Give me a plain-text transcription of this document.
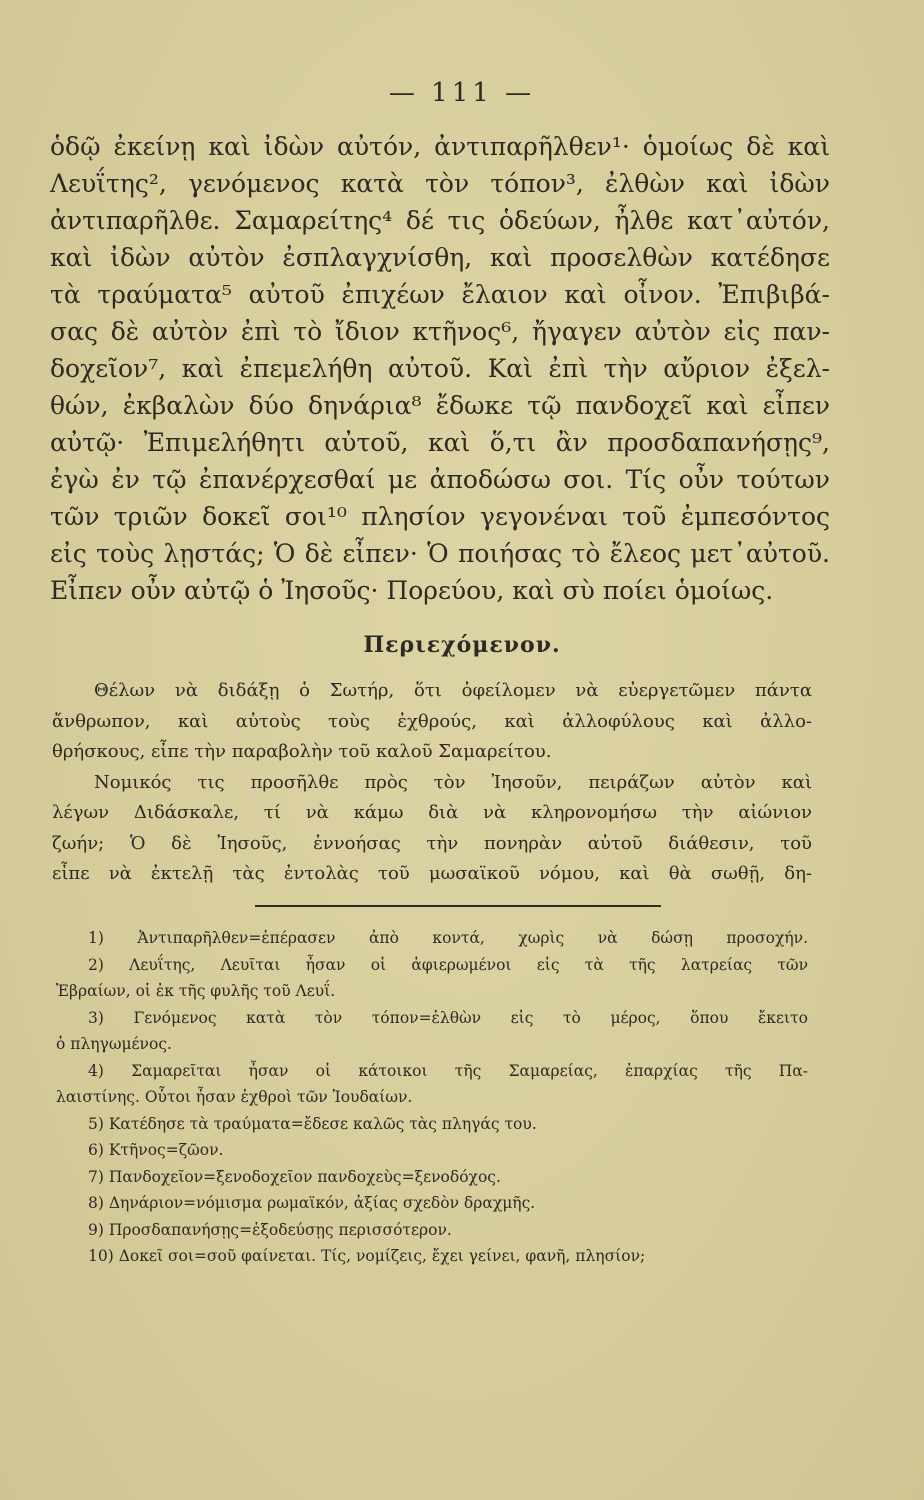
— 111 —
ὁδῷ ἐκείνῃ καὶ ἰδὼν αὐτόν, ἀντιπαρῆλθεν¹· ὁμοίως δὲ καὶ
Λευΐτης², γενόμενος κατὰ τὸν τόπον³, ἐλθὼν καὶ ἰδὼν
ἀντιπαρῆλθε. Σαμαρείτης⁴ δέ τις ὁδεύων, ἦλθε κατ᾽αὐτόν,
καὶ ἰδὼν αὐτὸν ἐσπλαγχνίσθη, καὶ προσελθὼν κατέδησε
τὰ τραύματα⁵ αὐτοῦ ἐπιχέων ἔλαιον καὶ οἶνον. Ἐπιβιβά-
σας δὲ αὐτὸν ἐπὶ τὸ ἴδιον κτῆνος⁶, ἤγαγεν αὐτὸν εἰς παν-
δοχεῖον⁷, καὶ ἐπεμελήθη αὐτοῦ. Καὶ ἐπὶ τὴν αὔριον ἐξελ-
θών, ἐκβαλὼν δύο δηνάρια⁸ ἔδωκε τῷ πανδοχεῖ καὶ εἶπεν
αὐτῷ· Ἐπιμελήθητι αὐτοῦ, καὶ ὅ,τι ἂν προσδαπανήσῃς⁹,
ἐγὼ ἐν τῷ ἐπανέρχεσθαί με ἀποδώσω σοι. Τίς οὖν τούτων
τῶν τριῶν δοκεῖ σοι¹⁰ πλησίον γεγονέναι τοῦ ἐμπεσόντος
εἰς τοὺς λῃστάς; Ὁ δὲ εἶπεν· Ὁ ποιήσας τὸ ἔλεος μετ᾽αὐτοῦ.
Εἶπεν οὖν αὐτῷ ὁ Ἰησοῦς· Πορεύου, καὶ σὺ ποίει ὁμοίως.
Περιεχόμενον.
Θέλων νὰ διδάξῃ ὁ Σωτήρ, ὅτι ὀφείλομεν νὰ εὐεργετῶμεν πάντα
ἄνθρωπον, καὶ αὐτοὺς τοὺς ἐχθρούς, καὶ ἀλλοφύλους καὶ ἀλλο-
θρήσκους, εἶπε τὴν παραβολὴν τοῦ καλοῦ Σαμαρείτου.
Νομικός τις προσῆλθε πρὸς τὸν Ἰησοῦν, πειράζων αὐτὸν καὶ
λέγων Διδάσκαλε, τί νὰ κάμω διὰ νὰ κληρονομήσω τὴν αἰώνιον
ζωήν; Ὁ δὲ Ἰησοῦς, ἐννοήσας τὴν πονηρὰν αὐτοῦ διάθεσιν, τοῦ
εἶπε νὰ ἐκτελῇ τὰς ἐντολὰς τοῦ μωσαϊκοῦ νόμου, καὶ θὰ σωθῇ, δη-
1) Ἀντιπαρῆλθεν=ἐπέρασεν ἀπὸ κοντά, χωρὶς νὰ δώσῃ προσοχήν.
2) Λευΐτης, Λευῖται ἦσαν οἱ ἀφιερωμένοι εἰς τὰ τῆς λατρείας τῶν
Ἑβραίων, οἱ ἐκ τῆς φυλῆς τοῦ Λευΐ.
3) Γενόμενος κατὰ τὸν τόπον=ἐλθὼν εἰς τὸ μέρος, ὅπου ἔκειτο
ὁ πληγωμένος.
4) Σαμαρεῖται ἦσαν οἱ κάτοικοι τῆς Σαμαρείας, ἐπαρχίας τῆς Πα-
λαιστίνης. Οὗτοι ἦσαν ἐχθροὶ τῶν Ἰουδαίων.
5) Κατέδησε τὰ τραύματα=ἔδεσε καλῶς τὰς πληγάς του.
6) Κτῆνος=ζῶον.
7) Πανδοχεῖον=ξενοδοχεῖον πανδοχεὺς=ξενοδόχος.
8) Δηνάριον=νόμισμα ρωμαϊκόν, ἀξίας σχεδὸν δραχμῆς.
9) Προσδαπανήσῃς=ἐξοδεύσῃς περισσότερον.
10) Δοκεῖ σοι=σοῦ φαίνεται. Τίς, νομίζεις, ἔχει γείνει, φανῆ, πλησίον;
